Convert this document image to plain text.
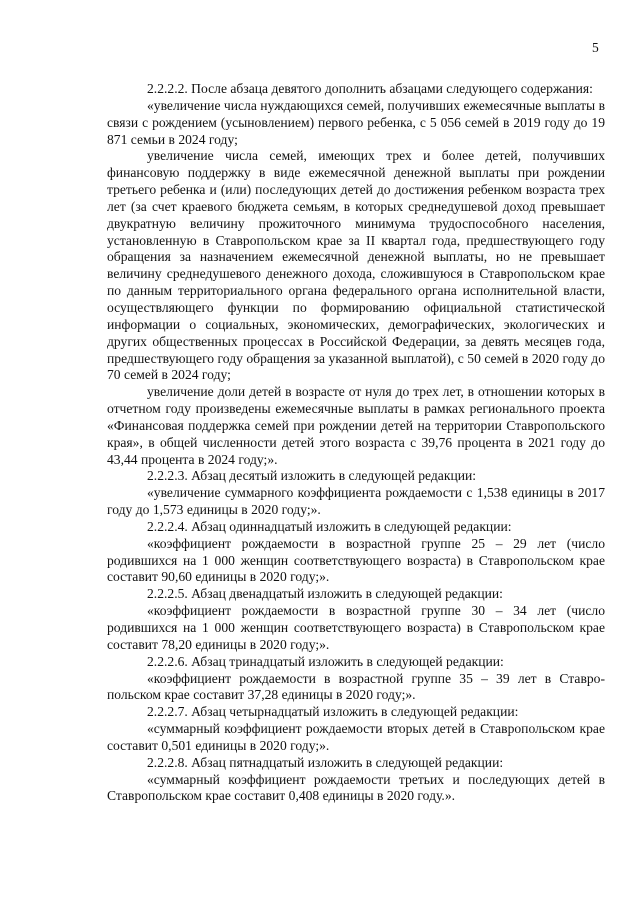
5

2.2.2.2. После абзаца девятого дополнить абзацами следующего содержания:

«увеличение числа нуждающихся семей, получивших ежемесячные выплаты в связи с рождением (усыновлением) первого ребенка, с 5 056 семей в 2019 году до 19 871 семьи в 2024 году;

увеличение числа семей, имеющих трех и более детей, получивших финансовую поддержку в виде ежемесячной денежной выплаты при рождении третьего ребенка и (или) последующих детей до достижения ребенком возраста трех лет (за счет краевого бюджета семьям, в которых среднедушевой доход превышает двукратную величину прожиточного минимума трудоспособного населения, установленную в Ставропольском крае за II квартал года, предшествующего году обращения за назначением ежемесячной денежной выплаты, но не превышает величину среднедушевого денежного дохода, сложившуюся в Ставропольском крае по данным территориального органа федерального органа исполнительной власти, осуществляющего функции по формированию официальной статистической информации о социальных, экономических, демографических, экологических и других общественных процессах в Российской Федерации, за девять месяцев года, предшествующего году обращения за указанной выплатой), с 50 семей в 2020 году до 70 семей в 2024 году;

увеличение доли детей в возрасте от нуля до трех лет, в отношении которых в отчетном году произведены ежемесячные выплаты в рамках регионального проекта «Финансовая поддержка семей при рождении детей на территории Ставропольского края», в общей численности детей этого возраста с 39,76 процента в 2021 году до 43,44 процента в 2024 году;».

2.2.2.3. Абзац десятый изложить в следующей редакции:

«увеличение суммарного коэффициента рождаемости с 1,538 единицы в 2017 году до 1,573 единицы в 2020 году;».

2.2.2.4. Абзац одиннадцатый изложить в следующей редакции:

«коэффициент рождаемости в возрастной группе 25 – 29 лет (число родившихся на 1 000 женщин соответствующего возраста) в Ставропольском крае составит 90,60 единицы в 2020 году;».

2.2.2.5. Абзац двенадцатый изложить в следующей редакции:

«коэффициент рождаемости в возрастной группе 30 – 34 лет (число родившихся на 1 000 женщин соответствующего возраста) в Ставропольском крае составит 78,20 единицы в 2020 году;».

2.2.2.6. Абзац тринадцатый изложить в следующей редакции:

«коэффициент рождаемости в возрастной группе 35 – 39 лет в Ставропольском крае составит 37,28 единицы в 2020 году;».

2.2.2.7. Абзац четырнадцатый изложить в следующей редакции:

«суммарный коэффициент рождаемости вторых детей в Ставропольском крае составит 0,501 единицы в 2020 году;».

2.2.2.8. Абзац пятнадцатый изложить в следующей редакции:

«суммарный коэффициент рождаемости третьих и последующих детей в Ставропольском крае составит 0,408 единицы в 2020 году.».
